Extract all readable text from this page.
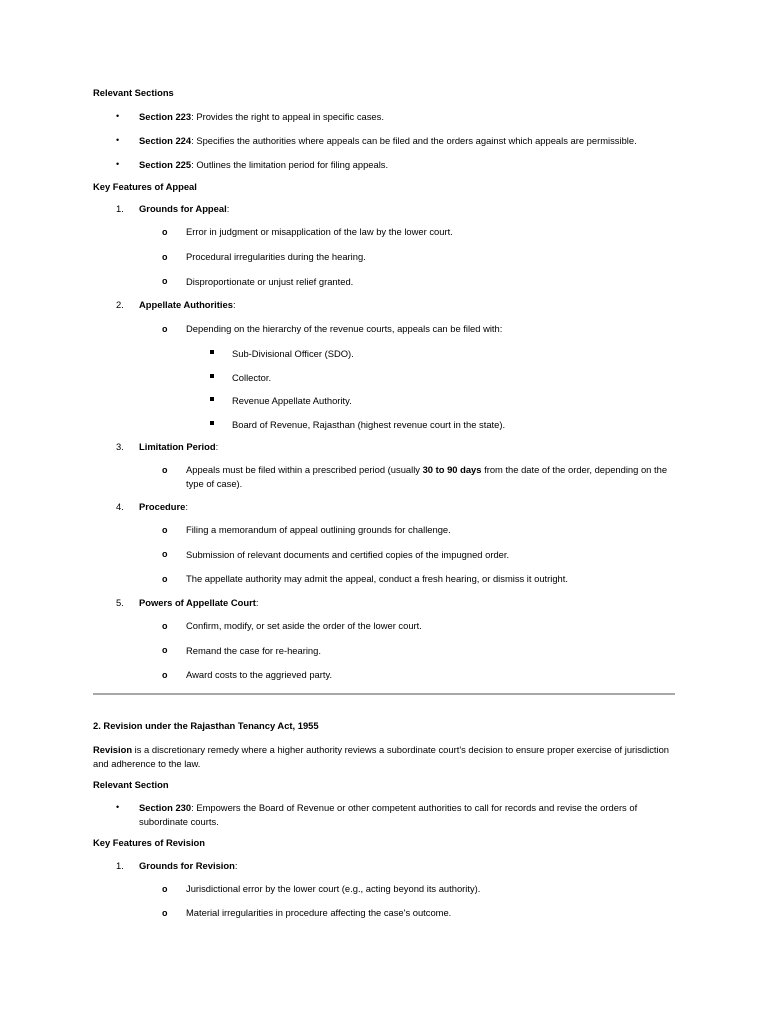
Relevant Sections
• Section 223: Provides the right to appeal in specific cases.
• Section 224: Specifies the authorities where appeals can be filed and the orders against which appeals are permissible.
• Section 225: Outlines the limitation period for filing appeals.
Key Features of Appeal
1. Grounds for Appeal:
o Error in judgment or misapplication of the law by the lower court.
o Procedural irregularities during the hearing.
o Disproportionate or unjust relief granted.
2. Appellate Authorities:
o Depending on the hierarchy of the revenue courts, appeals can be filed with:
Sub-Divisional Officer (SDO).
Collector.
Revenue Appellate Authority.
Board of Revenue, Rajasthan (highest revenue court in the state).
3. Limitation Period:
o Appeals must be filed within a prescribed period (usually 30 to 90 days from the date of the order, depending on the type of case).
4. Procedure:
o Filing a memorandum of appeal outlining grounds for challenge.
o Submission of relevant documents and certified copies of the impugned order.
o The appellate authority may admit the appeal, conduct a fresh hearing, or dismiss it outright.
5. Powers of Appellate Court:
o Confirm, modify, or set aside the order of the lower court.
o Remand the case for re-hearing.
o Award costs to the aggrieved party.
2. Revision under the Rajasthan Tenancy Act, 1955
Revision is a discretionary remedy where a higher authority reviews a subordinate court's decision to ensure proper exercise of jurisdiction and adherence to the law.
Relevant Section
• Section 230: Empowers the Board of Revenue or other competent authorities to call for records and revise the orders of subordinate courts.
Key Features of Revision
1. Grounds for Revision:
o Jurisdictional error by the lower court (e.g., acting beyond its authority).
o Material irregularities in procedure affecting the case's outcome.
